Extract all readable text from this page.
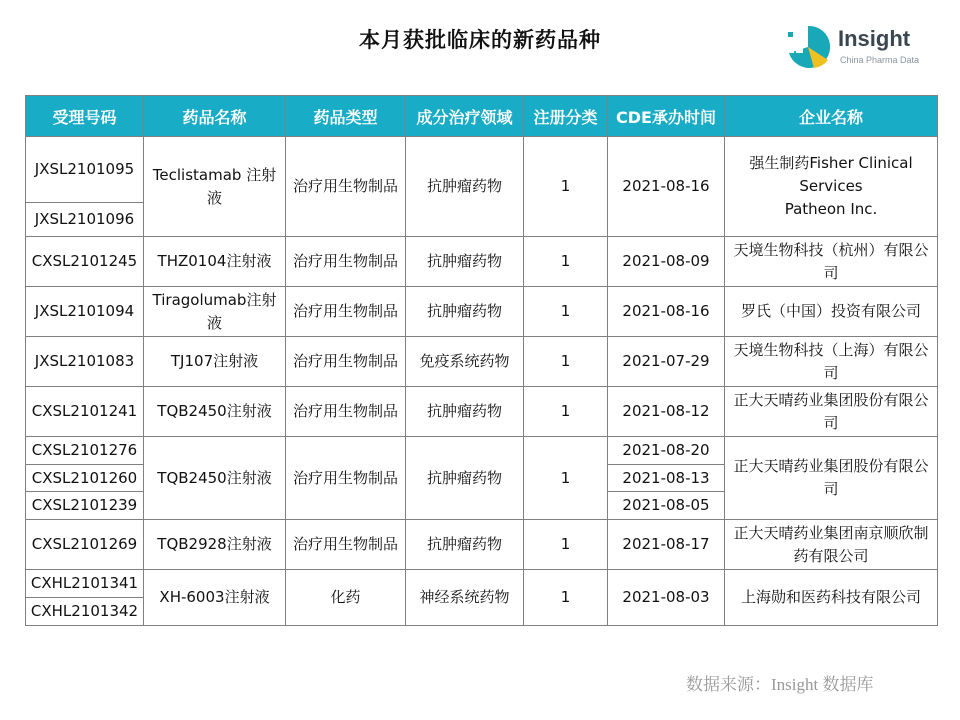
本月获批临床的新药品种	Insight
China Pharma Data
受理号码	药品名称	药品类型	成分治疗领域	注册分类	CDE承办时间	企业名称
JXSL2101095	Teclistamab 注射液	治疗用生物制品	抗肿瘤药物	1	2021-08-16	强生制药Fisher Clinical Services
Patheon Inc.
JXSL2101096						
CXSL2101245	THZ0104注射液	治疗用生物制品	抗肿瘤药物	1	2021-08-09	天境生物科技（杭州）有限公司
JXSL2101094	Tiragolumab注射液	治疗用生物制品	抗肿瘤药物	1	2021-08-16	罗氏（中国）投资有限公司
JXSL2101083	TJ107注射液	治疗用生物制品	免疫系统药物	1	2021-07-29	天境生物科技（上海）有限公司
CXSL2101241	TQB2450注射液	治疗用生物制品	抗肿瘤药物	1	2021-08-12	正大天晴药业集团股份有限公司
CXSL2101276	TQB2450注射液	治疗用生物制品	抗肿瘤药物	1	2021-08-20	正大天晴药业集团股份有限公司
CXSL2101260					2021-08-13	
CXSL2101239					2021-08-05	
CXSL2101269	TQB2928注射液	治疗用生物制品	抗肿瘤药物	1	2021-08-17	正大天晴药业集团南京顺欣制药有限公司
CXHL2101341	XH-6003注射液	化药	神经系统药物	1	2021-08-03	上海勋和医药科技有限公司
CXHL2101342						
数据来源：Insight 数据库
